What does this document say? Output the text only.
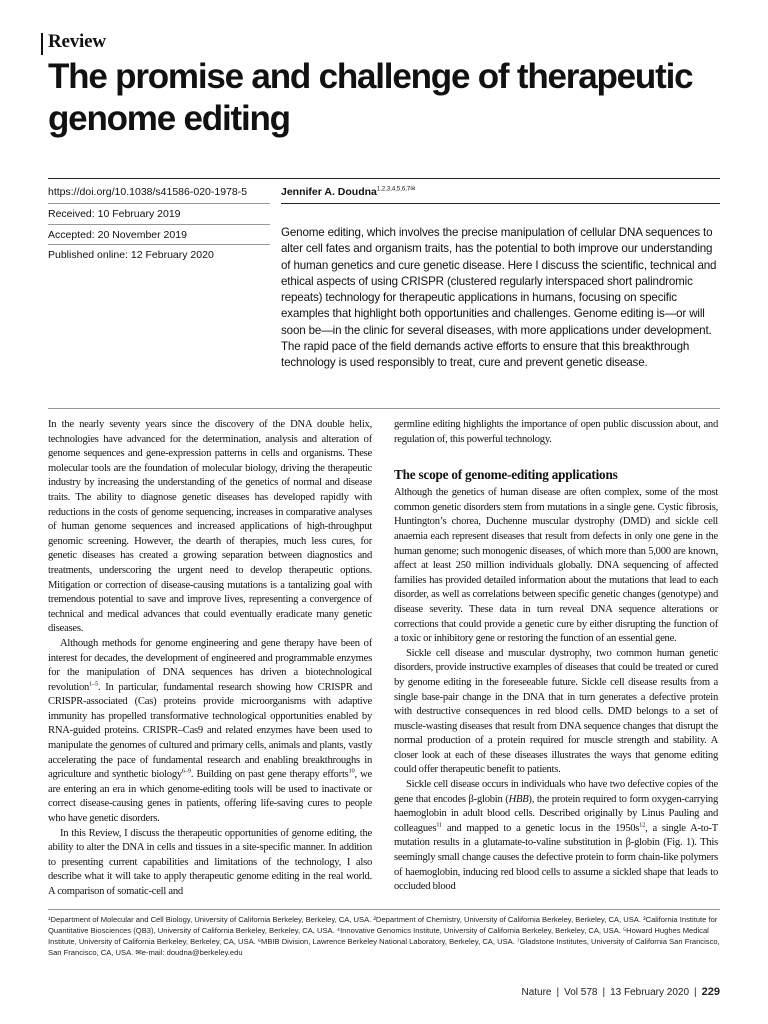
Review
The promise and challenge of therapeutic genome editing
https://doi.org/10.1038/s41586-020-1978-5
Received: 10 February 2019
Accepted: 20 November 2019
Published online: 12 February 2020
Jennifer A. Doudna$^{1,2,3,4,5,6,7✉}$
Genome editing, which involves the precise manipulation of cellular DNA sequences to alter cell fates and organism traits, has the potential to both improve our understanding of human genetics and cure genetic disease. Here I discuss the scientific, technical and ethical aspects of using CRISPR (clustered regularly interspaced short palindromic repeats) technology for therapeutic applications in humans, focusing on specific examples that highlight both opportunities and challenges. Genome editing is—or will soon be—in the clinic for several diseases, with more applications under development. The rapid pace of the field demands active efforts to ensure that this breakthrough technology is used responsibly to treat, cure and prevent genetic disease.

In the nearly seventy years since the discovery of the DNA double helix, technologies have advanced for the determination, analysis and alteration of genome sequences and gene-expression patterns in cells and organisms. These molecular tools are the foundation of molecular biology, driving the therapeutic industry by increasing the understanding of the genetics of normal and disease traits. The ability to diagnose genetic diseases has developed rapidly with reductions in the costs of genome sequencing, increases in comparative analyses of human genome sequences and increased applications of high-throughput genomic screening. However, the dearth of therapies, much less cures, for genetic diseases has created a growing separation between diagnostics and treatments, underscoring the urgent need to develop therapeutic options. Mitigation or correction of disease-causing mutations is a tantalizing goal with tremendous potential to save and improve lives, representing a convergence of technical and medical advances that could eventually eradicate many genetic diseases.

Although methods for genome engineering and gene therapy have been of interest for decades, the development of engineered and programmable enzymes for the manipulation of DNA sequences has driven a biotechnological revolution$^{1-5}$. In particular, fundamental research showing how CRISPR and CRISPR-associated (Cas) proteins provide microorganisms with adaptive immunity has propelled transformative technological opportunities enabled by RNA-guided proteins. CRISPR–Cas9 and related enzymes have been used to manipulate the genomes of cultured and primary cells, animals and plants, vastly accelerating the pace of fundamental research and enabling breakthroughs in agriculture and synthetic biology$^{6-9}$. Building on past gene therapy efforts$^{10}$, we are entering an era in which genome-editing tools will be used to inactivate or correct disease-causing genes in patients, offering life-saving cures to people who have genetic disorders.

In this Review, I discuss the therapeutic opportunities of genome editing, the ability to alter the DNA in cells and tissues in a site-specific manner. In addition to presenting current capabilities and limitations of the technology, I also describe what it will take to apply therapeutic genome editing in the real world. A comparison of somatic-cell and

germline editing highlights the importance of open public discussion about, and regulation of, this powerful technology.

The scope of genome-editing applications

Although the genetics of human disease are often complex, some of the most common genetic disorders stem from mutations in a single gene. Cystic fibrosis, Huntington’s chorea, Duchenne muscular dystrophy (DMD) and sickle cell anaemia each represent diseases that result from defects in only one gene in the human genome; such monogenic diseases, of which more than 5,000 are known, affect at least 250 million individuals globally. DNA sequencing of affected families has provided detailed information about the mutations that lead to each disorder, as well as correlations between specific genetic changes (genotype) and disease severity. These data in turn reveal DNA sequence alterations or corrections that could provide a genetic cure by either disrupting the function of a toxic or inhibitory gene or restoring the function of an essential gene.

Sickle cell disease and muscular dystrophy, two common human genetic disorders, provide instructive examples of diseases that could be treated or cured by genome editing in the foreseeable future. Sickle cell disease results from a single base-pair change in the DNA that in turn generates a defective protein with destructive consequences in red blood cells. DMD belongs to a set of muscle-wasting diseases that result from DNA sequence changes that disrupt the normal production of a protein required for muscle strength and stability. A closer look at each of these diseases illustrates the ways that genome editing could offer therapeutic benefit to patients.

Sickle cell disease occurs in individuals who have two defective copies of the gene that encodes β-globin (HBB), the protein required to form oxygen-carrying haemoglobin in adult blood cells. Described originally by Linus Pauling and colleagues$^{11}$ and mapped to a genetic locus in the $1950s^{12}$, a single A-to-T mutation results in a glutamate-to-valine substitution in β-globin (Fig. 1). This seemingly small change causes the defective protein to form chain-like polymers of haemoglobin, inducing red blood cells to assume a sickled shape that leads to occluded blood

¹Department of Molecular and Cell Biology, University of California Berkeley, Berkeley, CA, USA. ²Department of Chemistry, University of California Berkeley, Berkeley, CA, USA. ³California Institute for Quantitative Biosciences (QB3), University of California Berkeley, Berkeley, CA, USA. ⁴Innovative Genomics Institute, University of California Berkeley, Berkeley, CA, USA. ⁵Howard Hughes Medical Institute, University of California Berkeley, Berkeley, CA, USA. ⁶MBIB Division, Lawrence Berkeley National Laboratory, Berkeley, CA, USA. ⁷Gladstone Institutes, University of California San Francisco, San Francisco, CA, USA. ✉e-mail: doudna@berkeley.edu
Nature | Vol 578 | 13 February 2020 | 229
